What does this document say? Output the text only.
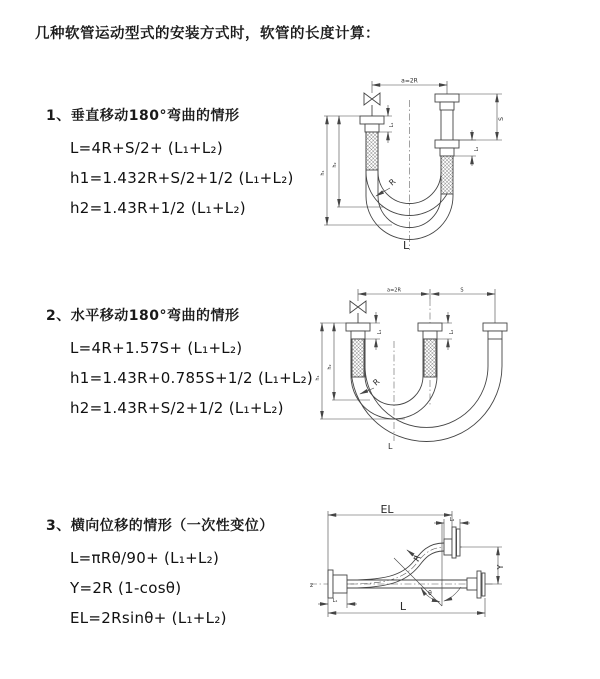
几种软管运动型式的安装方式时，软管的长度计算：
1、垂直移动180°弯曲的情形
L=4R+S/2+ (L₁+L₂)
h1=1.432R+S/2+1/2 (L₁+L₂)
h2=1.43R+1/2 (L₁+L₂)
2、水平移动180°弯曲的情形
L=4R+1.57S+ (L₁+L₂)
h1=1.43R+0.785S+1/2 (L₁+L₂)
h2=1.43R+S/2+1/2 (L₁+L₂)
3、横向位移的情形（一次性变位）
L=πRθ/90+ (L₁+L₂)
Y=2R (1-cosθ)
EL=2Rsinθ+ (L₁+L₂)
a=2R
S
L₁
L₂
h₁
h₂
R
L
a=2R	S
L₁	L₂
h₁
h₂
R
L
EL
L₂
Y
θ
R
L
L₁
z
